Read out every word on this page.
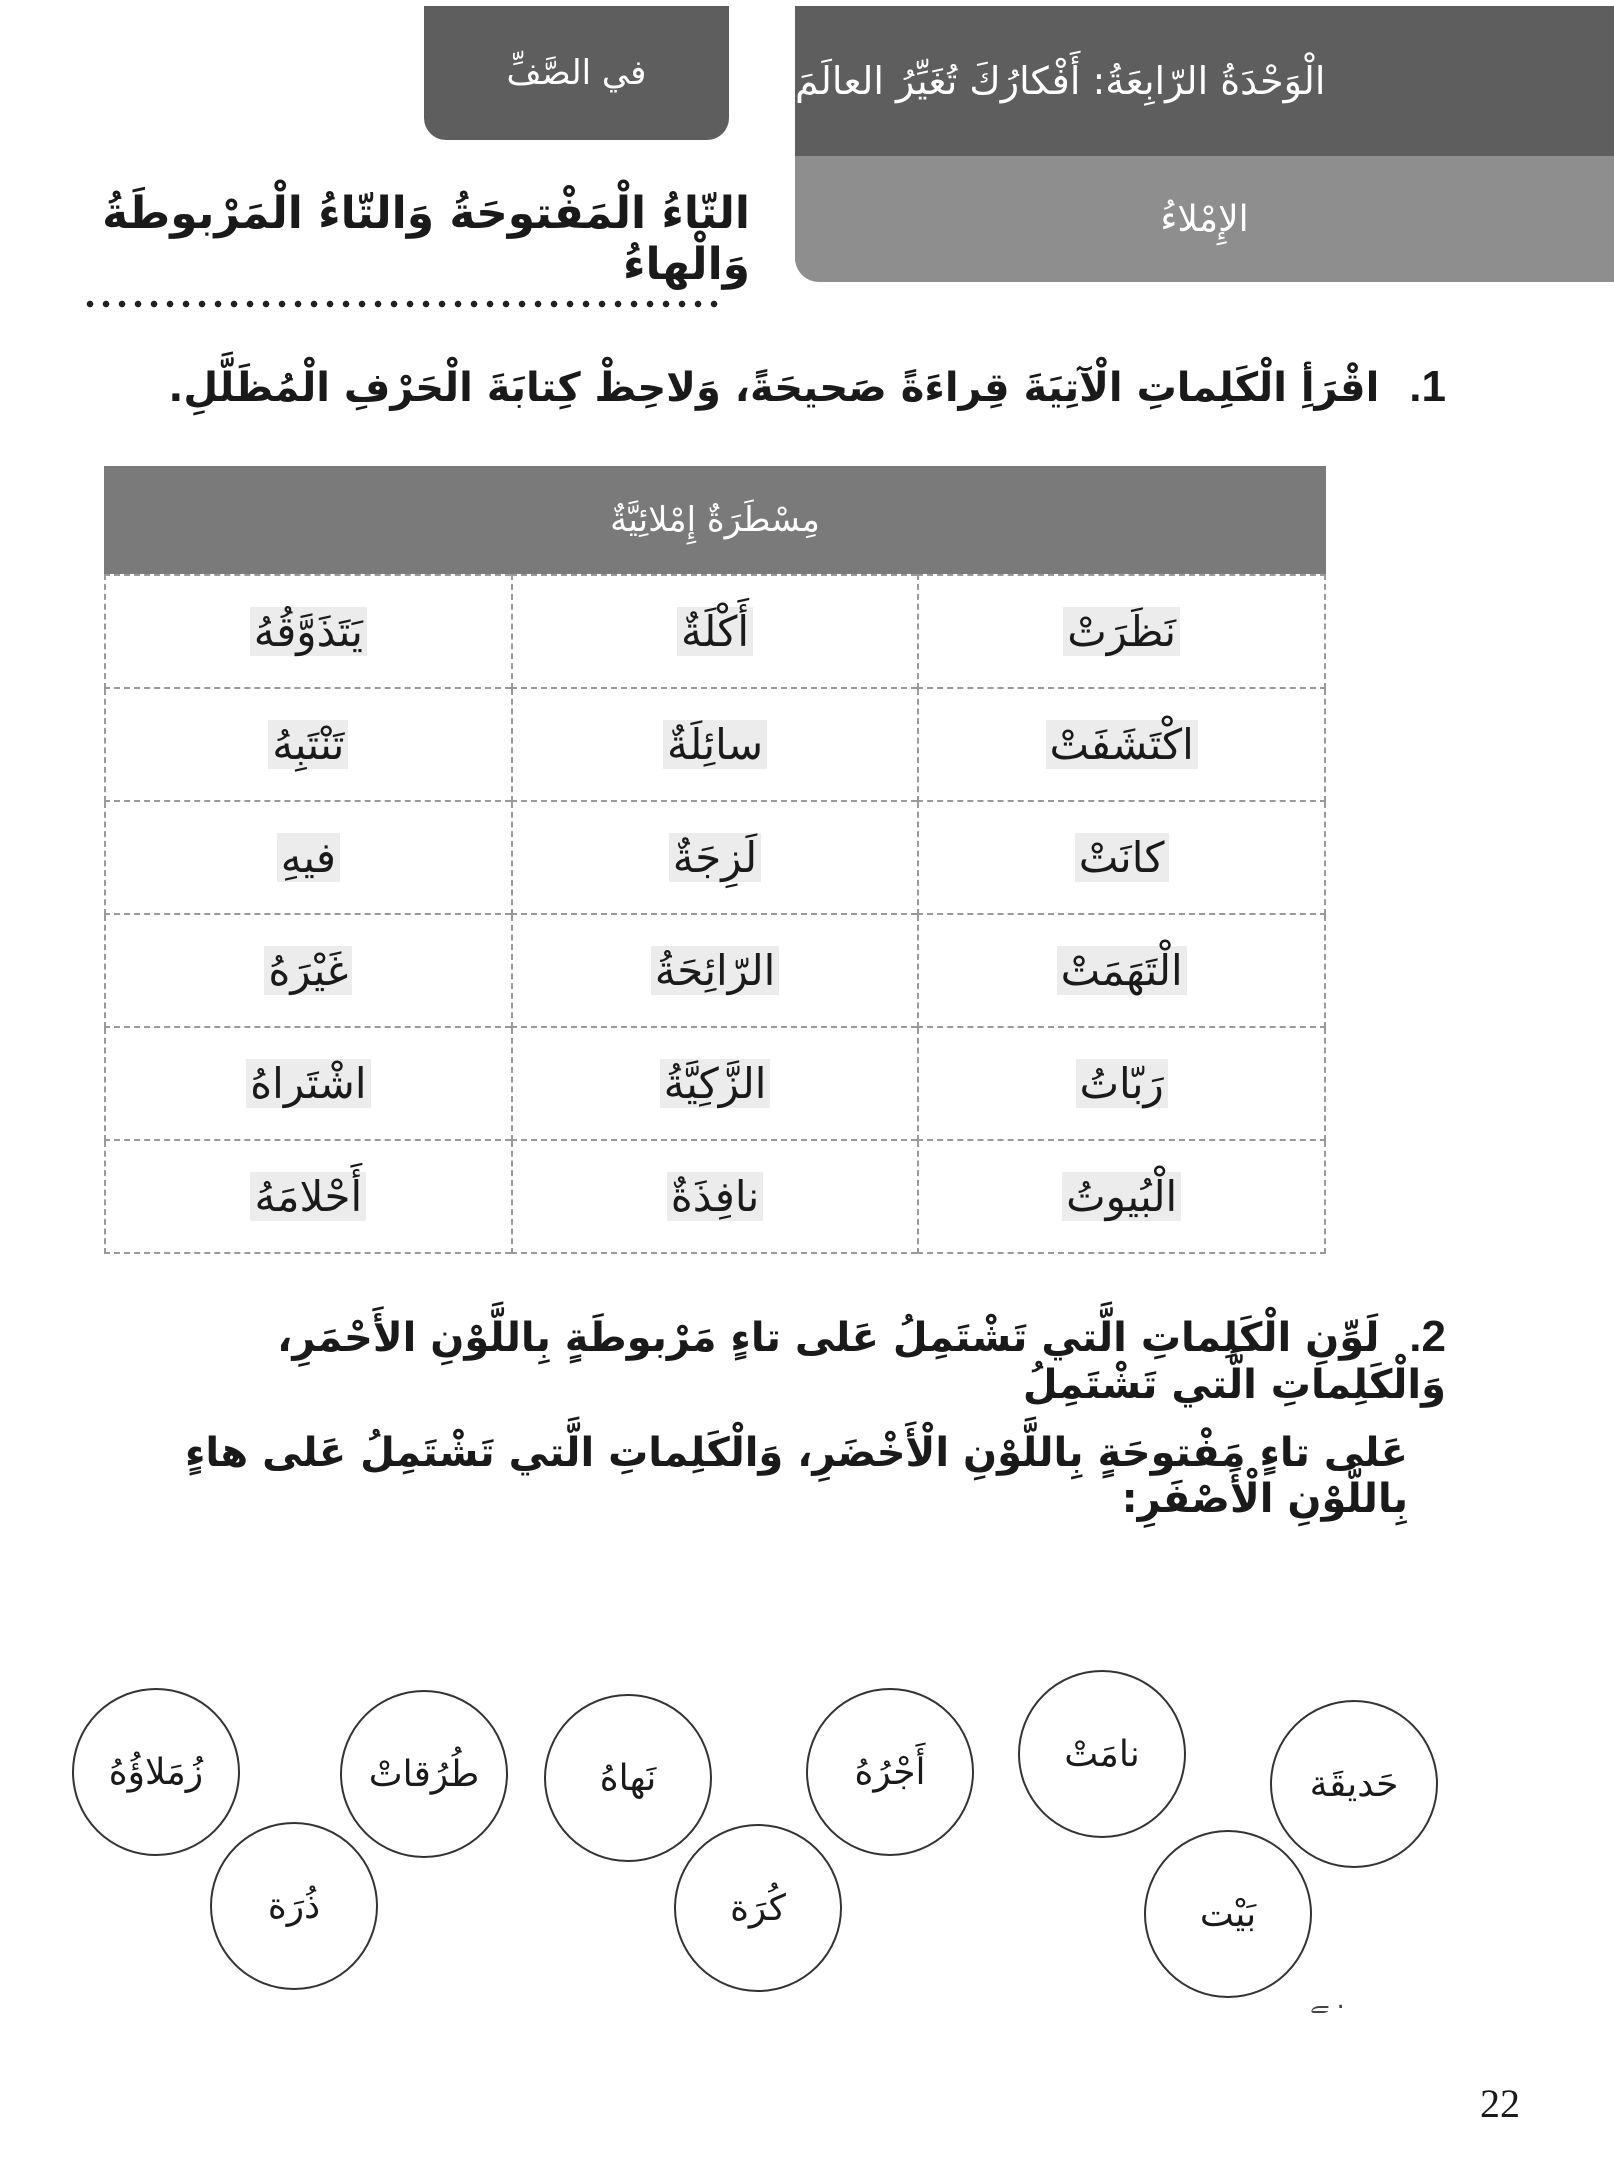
في الصَّفِّ	الْوَحْدَةُ الرّابِعَةُ: أَفْكارُكَ تُغَيِّرُ العالَمَ
الإِمْلاءُ
التّاءُ الْمَفْتوحَةُ وَالتّاءُ الْمَرْبوطَةُ وَالْهاءُ
1. اقْرَأِ الْكَلِماتِ الْآتِيَةَ قِراءَةً صَحيحَةً، وَلاحِظْ كِتابَةَ الْحَرْفِ الْمُظَلَّلِ.
مِسْطَرَةٌ إِمْلائِيَّةٌ
نَظَرَتْ	أَكْلَةٌ	يَتَذَوَّقُهُ
اكْتَشَفَتْ	سائِلَةٌ	تَنْتَبِهُ
كانَتْ	لَزِجَةٌ	فيهِ
الْتَهَمَتْ	الرّائِحَةُ	غَيْرَهُ
رَبّاتُ	الزَّكِيَّةُ	اشْتَراهُ
الْبُيوتُ	نافِذَةٌ	أَحْلامَهُ
2. لَوِّنِ الْكَلِماتِ الَّتي تَشْتَمِلُ عَلى تاءٍ مَرْبوطَةٍ بِاللَّوْنِ الأَحْمَرِ، وَالْكَلِماتِ الَّتي تَشْتَمِلُ
عَلى تاءٍ مَفْتوحَةٍ بِاللَّوْنِ الْأَخْضَرِ، وَالْكَلِماتِ الَّتي تَشْتَمِلُ عَلى هاءٍ بِاللَّوْنِ الْأَصْفَرِ:
حَديقَة
نامَتْ
أَجْرُهُ
نَهاهُ
طُرُقاتْ
زُمَلاؤُهُ
بَيْت
كُرَة
ذُرَة
ﮯ .
22
